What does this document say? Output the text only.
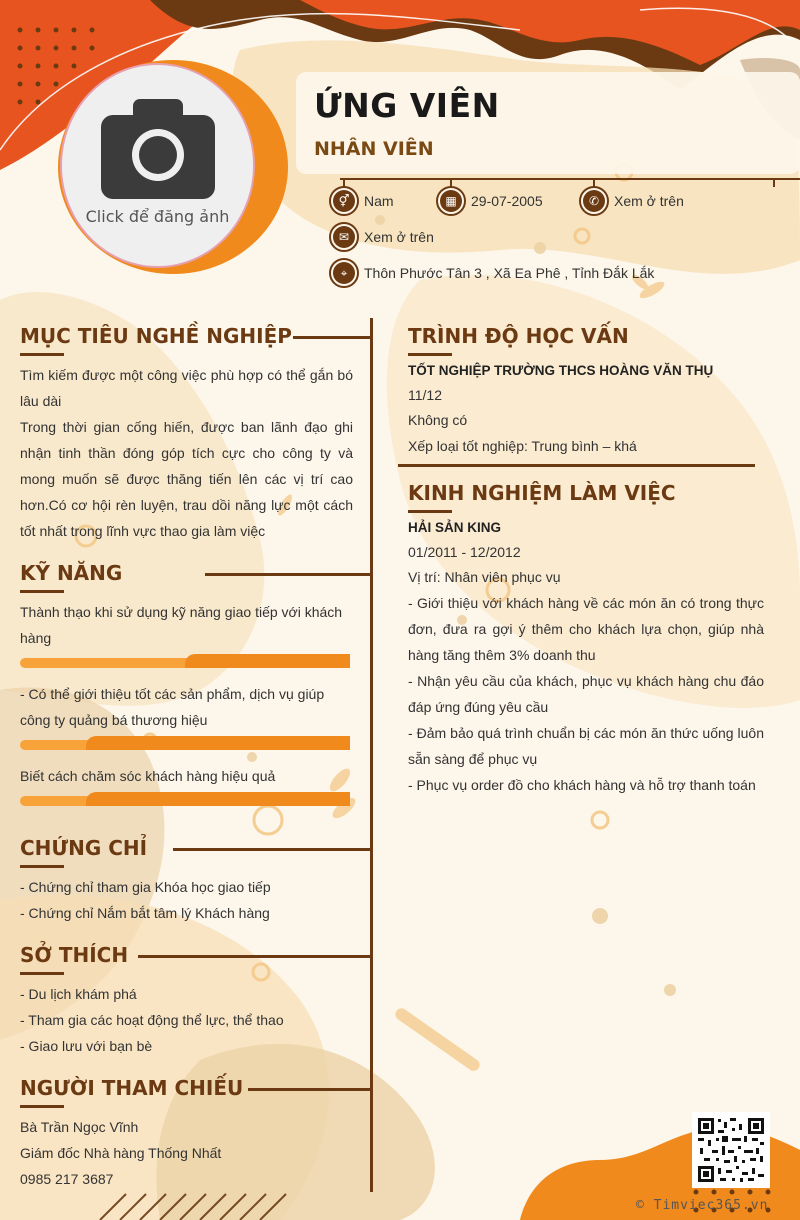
Click để đăng ảnh
ỨNG VIÊN
NHÂN VIÊN
⚥	Nam	▦	29-07-2005	✆	Xem ở trên
✉	Xem ở trên
⌖	Thôn Phước Tân 3 , Xã Ea Phê , Tỉnh Đắk Lắk
MỤC TIÊU NGHỀ NGHIỆP
Tìm kiếm được một công việc phù hợp có thể gắn bó lâu dài
Trong thời gian cống hiến, được ban lãnh đạo ghi nhận tinh thần đóng góp tích cực cho công ty và mong muốn sẽ được thăng tiến lên các vị trí cao hơn.Có cơ hội rèn luyện, trau dồi năng lực một cách tốt nhất trong lĩnh vực thao gia làm việc
KỸ NĂNG
Thành thạo khi sử dụng kỹ năng giao tiếp với khách hàng
- Có thể giới thiệu tốt các sản phẩm, dịch vụ giúp công ty quảng bá thương hiệu
Biết cách chăm sóc khách hàng hiệu quả
CHỨNG CHỈ
- Chứng chỉ tham gia Khóa học giao tiếp
- Chứng chỉ Nắm bắt tâm lý Khách hàng
SỞ THÍCH
- Du lịch khám phá
- Tham gia các hoạt động thể lực, thể thao
- Giao lưu với bạn bè
NGƯỜI THAM CHIẾU
Bà Trần Ngọc Vĩnh
Giám đốc Nhà hàng Thống Nhất
0985 217 3687
TRÌNH ĐỘ HỌC VẤN
TỐT NGHIỆP TRƯỜNG THCS HOÀNG VĂN THỤ
11/12
Không có
Xếp loại tốt nghiệp: Trung bình – khá
KINH NGHIỆM LÀM VIỆC
HẢI SẢN KING
01/2011 - 12/2012
Vị trí: Nhân viên phục vụ
- Giới thiệu với khách hàng về các món ăn có trong thực đơn, đưa ra gợi ý thêm cho khách lựa chọn, giúp nhà hàng tăng thêm 3% doanh thu
- Nhận yêu cầu của khách, phục vụ khách hàng chu đáo đáp ứng đúng yêu cầu
- Đảm bảo quá trình chuẩn bị các món ăn thức uống luôn sẵn sàng để phục vụ
- Phục vụ order đồ cho khách hàng và hỗ trợ thanh toán
© Timviec365.vn
